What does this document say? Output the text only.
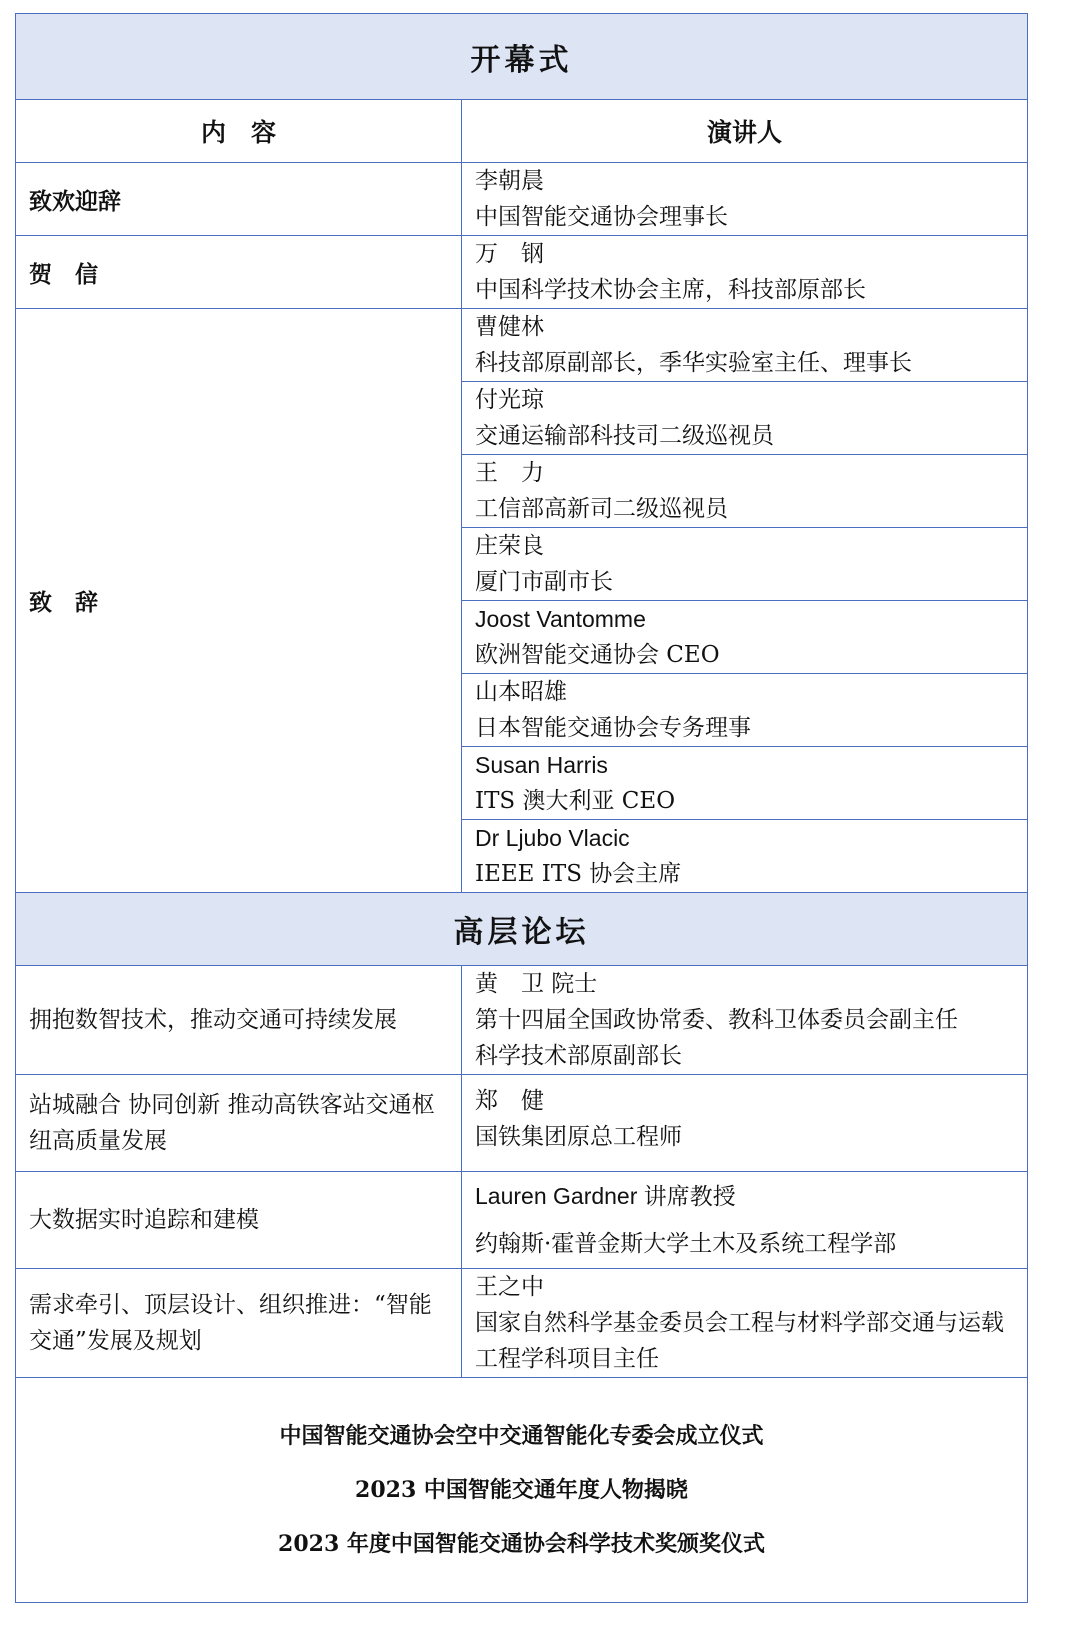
开幕式	
内　容	演讲人
致欢迎辞	李朝晨
中国智能交通协会理事长

贺　信	万　钢
中国科学技术协会主席，科技部原部长

致　辞	曹健林
科技部原副部长，季华实验室主任、理事长

	付光琼
交通运输部科技司二级巡视员

	王　力
工信部高新司二级巡视员

	庄荣良
厦门市副市长

	Joost Vantomme
欧洲智能交通协会 CEO

	山本昭雄
日本智能交通协会专务理事

	Susan Harris
ITS 澳大利亚 CEO

	Dr Ljubo Vlacic
IEEE ITS 协会主席

高层论坛	
拥抱数智技术，推动交通可持续发展	黄　卫 院士
第十四届全国政协常委、教科卫体委员会副主任
科学技术部原副部长

站城融合 协同创新 推动高铁客站交通枢纽高质量发展	郑　健
国铁集团原总工程师

大数据实时追踪和建模	Lauren Gardner 讲席教授
约翰斯·霍普金斯大学土木及系统工程学部

需求牵引、顶层设计、组织推进：“智能交通”发展及规划	王之中
国家自然科学基金委员会工程与材料学部交通与运载工程学科项目主任

中国智能交通协会空中交通智能化专委会成立仪式
2023 中国智能交通年度人物揭晓
2023 年度中国智能交通协会科学技术奖颁奖仪式	
